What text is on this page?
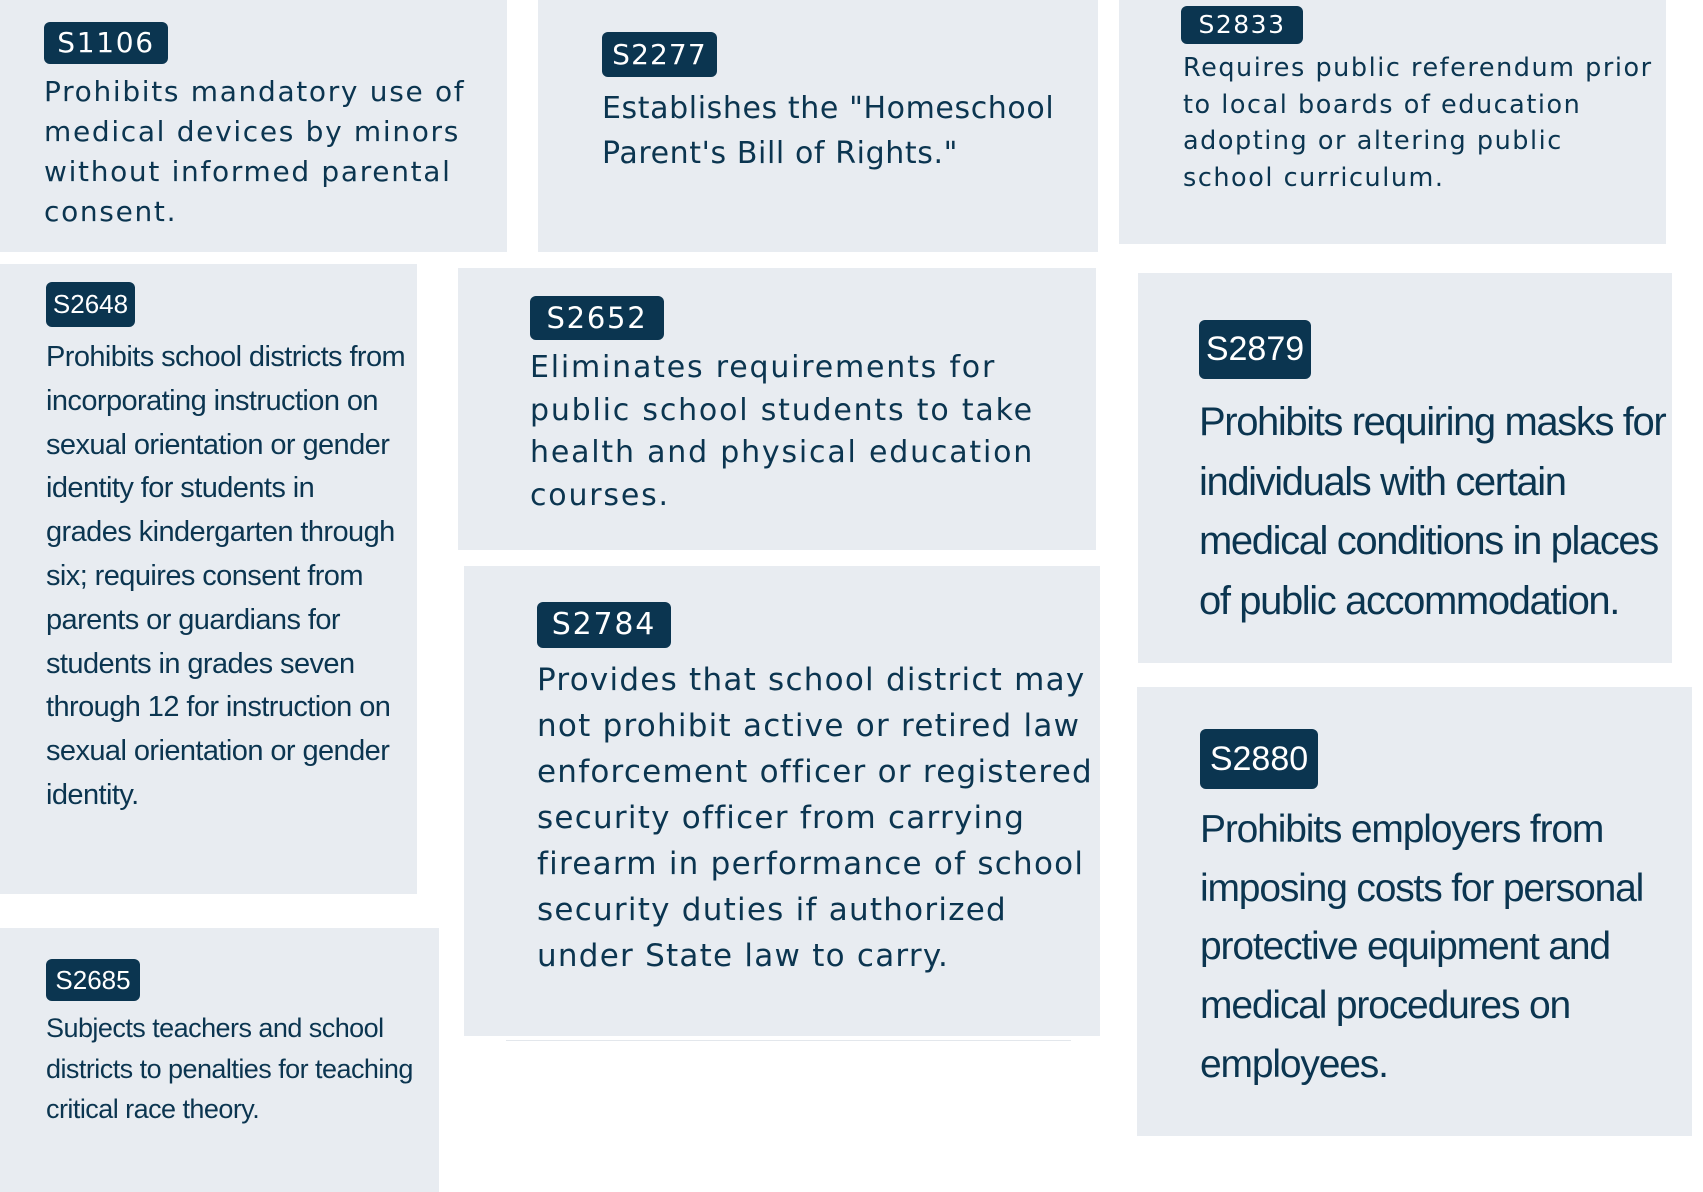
S1106

Prohibits mandatory use of medical devices by minors without informed parental consent.

S2277

Establishes the "Homeschool Parent's Bill of Rights."

S2833

Requires public referendum prior to local boards of education adopting or altering public school curriculum.

S2648

Prohibits school districts from incorporating instruction on sexual orientation or gender identity for students in grades kindergarten through six; requires consent from parents or guardians for students in grades seven through 12 for instruction on sexual orientation or gender identity.

S2652

Eliminates requirements for public school students to take health and physical education courses.

S2879

Prohibits requiring masks for individuals with certain medical conditions in places of public accommodation.

S2784

Provides that school district may not prohibit active or retired law enforcement officer or registered security officer from carrying firearm in performance of school security duties if authorized under State law to carry.

S2685

Subjects teachers and school districts to penalties for teaching critical race theory.

S2880

Prohibits employers from imposing costs for personal protective equipment and medical procedures on employees.
